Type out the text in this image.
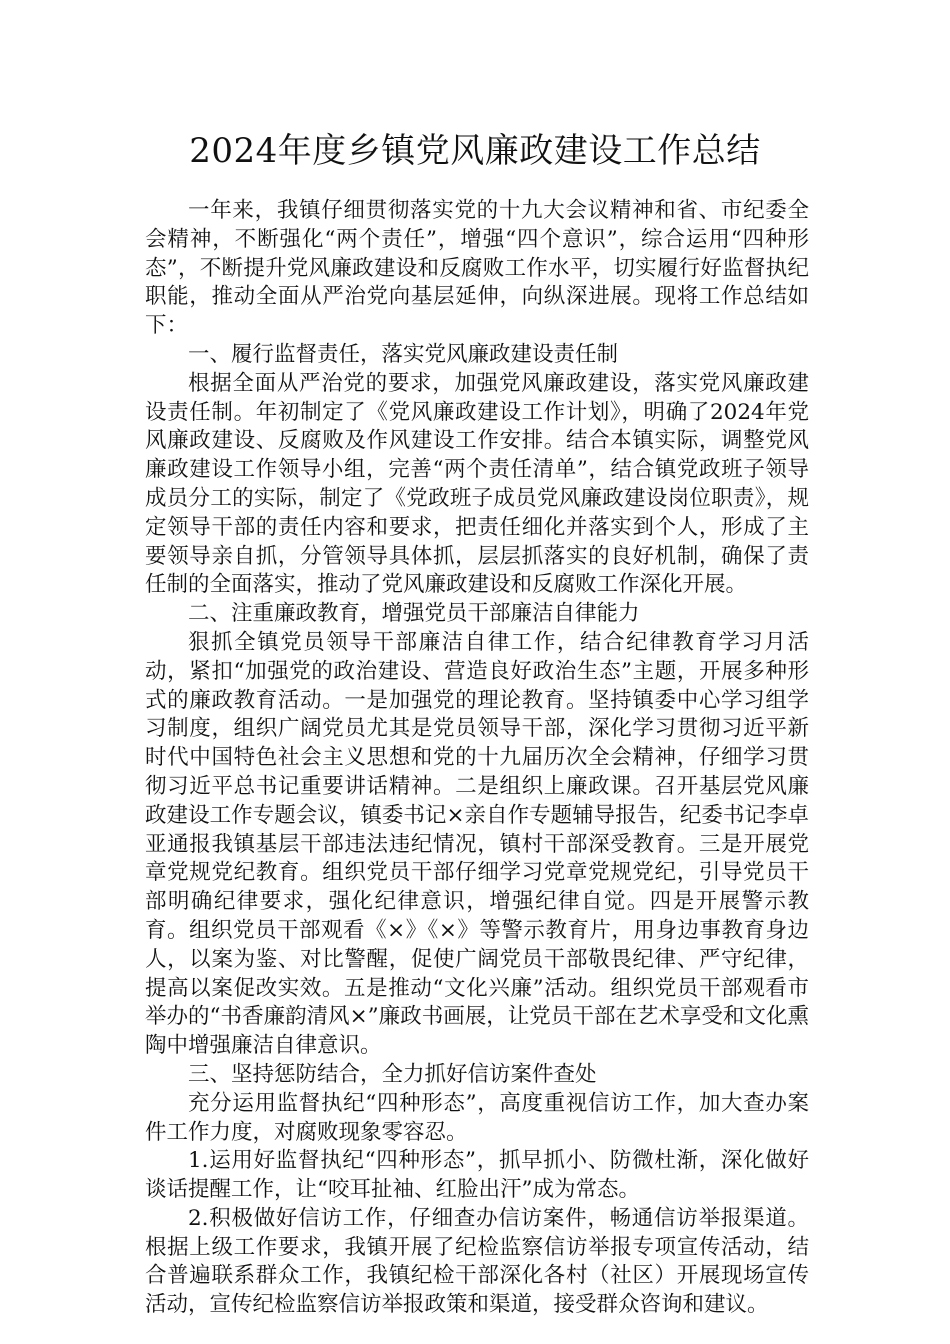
2024年度乡镇党风廉政建设工作总结

一年来，我镇仔细贯彻落实党的十九大会议精神和省、市纪委全会精神，不断强化“两个责任”，增强“四个意识”，综合运用“四种形态”，不断提升党风廉政建设和反腐败工作水平，切实履行好监督执纪职能，推动全面从严治党向基层延伸，向纵深进展。现将工作总结如下：

一、履行监督责任，落实党风廉政建设责任制

根据全面从严治党的要求，加强党风廉政建设，落实党风廉政建设责任制。年初制定了《党风廉政建设工作计划》，明确了2024年党风廉政建设、反腐败及作风建设工作安排。结合本镇实际，调整党风廉政建设工作领导小组，完善“两个责任清单”，结合镇党政班子领导成员分工的实际，制定了《党政班子成员党风廉政建设岗位职责》，规定领导干部的责任内容和要求，把责任细化并落实到个人，形成了主要领导亲自抓，分管领导具体抓，层层抓落实的良好机制，确保了责任制的全面落实，推动了党风廉政建设和反腐败工作深化开展。

二、注重廉政教育，增强党员干部廉洁自律能力

狠抓全镇党员领导干部廉洁自律工作，结合纪律教育学习月活动，紧扣“加强党的政治建设、营造良好政治生态”主题，开展多种形式的廉政教育活动。一是加强党的理论教育。坚持镇委中心学习组学习制度，组织广阔党员尤其是党员领导干部，深化学习贯彻习近平新时代中国特色社会主义思想和党的十九届历次全会精神，仔细学习贯彻习近平总书记重要讲话精神。二是组织上廉政课。召开基层党风廉政建设工作专题会议，镇委书记×亲自作专题辅导报告，纪委书记李卓亚通报我镇基层干部违法违纪情况，镇村干部深受教育。三是开展党章党规党纪教育。组织党员干部仔细学习党章党规党纪，引导党员干部明确纪律要求，强化纪律意识，增强纪律自觉。四是开展警示教育。组织党员干部观看《×》《×》等警示教育片，用身边事教育身边人，以案为鉴、对比警醒，促使广阔党员干部敬畏纪律、严守纪律，提高以案促改实效。五是推动“文化兴廉”活动。组织党员干部观看市举办的“书香廉韵清风×”廉政书画展，让党员干部在艺术享受和文化熏陶中增强廉洁自律意识。

三、坚持惩防结合，全力抓好信访案件查处

充分运用监督执纪“四种形态”，高度重视信访工作，加大查办案件工作力度，对腐败现象零容忍。

1.运用好监督执纪“四种形态”，抓早抓小、防微杜渐，深化做好谈话提醒工作，让“咬耳扯袖、红脸出汗”成为常态。

2.积极做好信访工作，仔细查办信访案件，畅通信访举报渠道。根据上级工作要求，我镇开展了纪检监察信访举报专项宣传活动，结合普遍联系群众工作，我镇纪检干部深化各村（社区）开展现场宣传活动，宣传纪检监察信访举报政策和渠道，接受群众咨询和建议。
